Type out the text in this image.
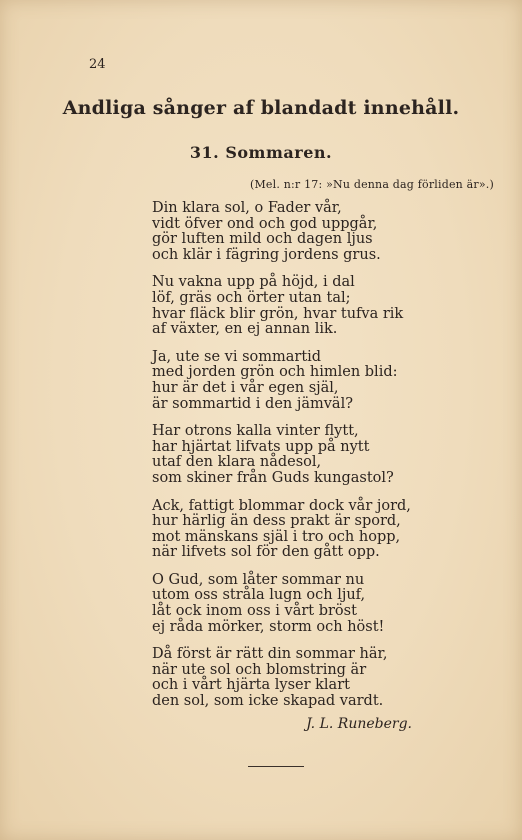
24
Andliga sånger af blandadt innehåll.
31. Sommaren.
(Mel. n:r 17: »Nu denna dag förliden är».)
Din klara sol, o Fader vår,
vidt öfver ond och god uppgår,
gör luften mild och dagen ljus
och klär i fägring jordens grus.
Nu vakna upp på höjd, i dal
löf, gräs och örter utan tal;
hvar fläck blir grön, hvar tufva rik
af växter, en ej annan lik.
Ja, ute se vi sommartid
med jorden grön och himlen blid:
hur är det i vår egen själ,
är sommartid i den jämväl?
Har otrons kalla vinter flytt,
har hjärtat lifvats upp på nytt
utaf den klara nådesol,
som skiner från Guds kungastol?
Ack, fattigt blommar dock vår jord,
hur härlig än dess prakt är spord,
mot mänskans själ i tro och hopp,
när lifvets sol för den gått opp.
O Gud, som låter sommar nu
utom oss stråla lugn och ljuf,
låt ock inom oss i vårt bröst
ej råda mörker, storm och höst!
Då först är rätt din sommar här,
när ute sol och blomstring är
och i vårt hjärta lyser klart
den sol, som icke skapad vardt.
J. L. Runeberg.
